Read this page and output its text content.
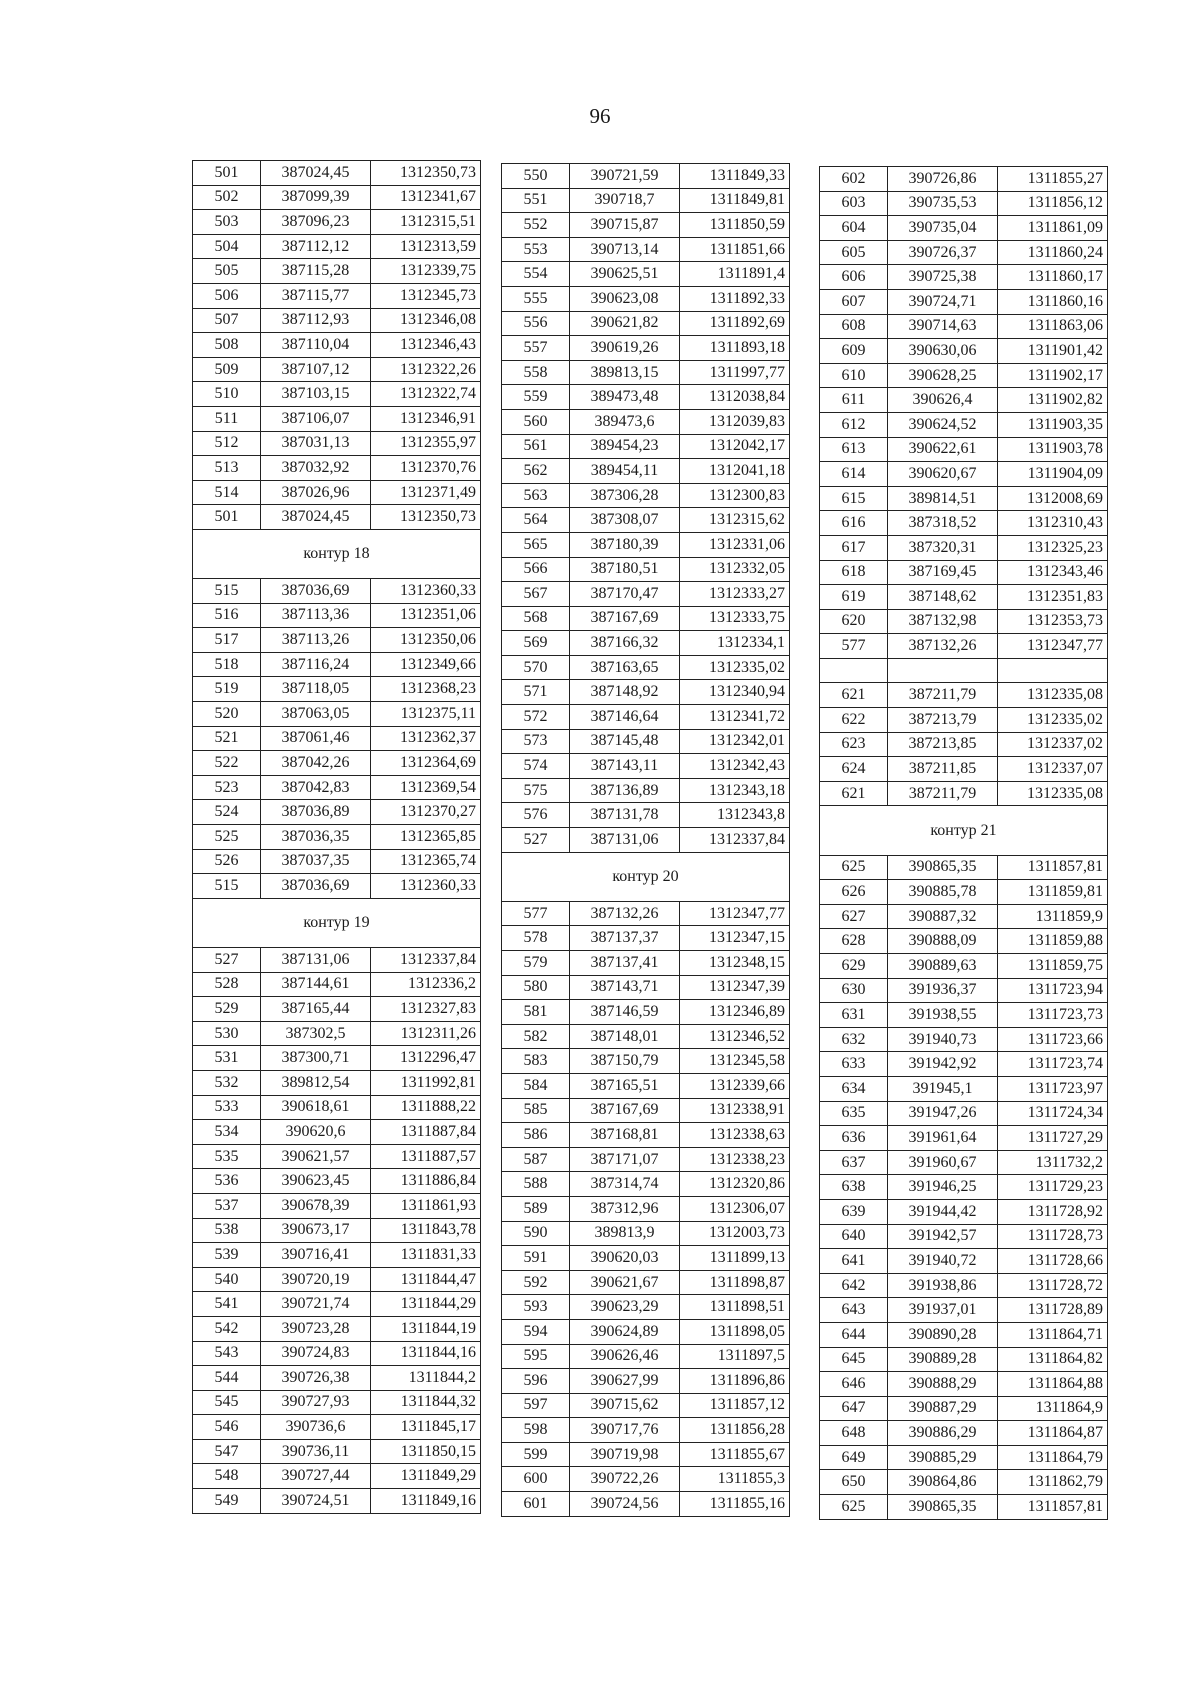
96
501	387024,45	1312350,73
502	387099,39	1312341,67
503	387096,23	1312315,51
504	387112,12	1312313,59
505	387115,28	1312339,75
506	387115,77	1312345,73
507	387112,93	1312346,08
508	387110,04	1312346,43
509	387107,12	1312322,26
510	387103,15	1312322,74
511	387106,07	1312346,91
512	387031,13	1312355,97
513	387032,92	1312370,76
514	387026,96	1312371,49
501	387024,45	1312350,73
контур 18		
515	387036,69	1312360,33
516	387113,36	1312351,06
517	387113,26	1312350,06
518	387116,24	1312349,66
519	387118,05	1312368,23
520	387063,05	1312375,11
521	387061,46	1312362,37
522	387042,26	1312364,69
523	387042,83	1312369,54
524	387036,89	1312370,27
525	387036,35	1312365,85
526	387037,35	1312365,74
515	387036,69	1312360,33
контур 19		
527	387131,06	1312337,84
528	387144,61	1312336,2
529	387165,44	1312327,83
530	387302,5	1312311,26
531	387300,71	1312296,47
532	389812,54	1311992,81
533	390618,61	1311888,22
534	390620,6	1311887,84
535	390621,57	1311887,57
536	390623,45	1311886,84
537	390678,39	1311861,93
538	390673,17	1311843,78
539	390716,41	1311831,33
540	390720,19	1311844,47
541	390721,74	1311844,29
542	390723,28	1311844,19
543	390724,83	1311844,16
544	390726,38	1311844,2
545	390727,93	1311844,32
546	390736,6	1311845,17
547	390736,11	1311850,15
548	390727,44	1311849,29
549	390724,51	1311849,16
550	390721,59	1311849,33
551	390718,7	1311849,81
552	390715,87	1311850,59
553	390713,14	1311851,66
554	390625,51	1311891,4
555	390623,08	1311892,33
556	390621,82	1311892,69
557	390619,26	1311893,18
558	389813,15	1311997,77
559	389473,48	1312038,84
560	389473,6	1312039,83
561	389454,23	1312042,17
562	389454,11	1312041,18
563	387306,28	1312300,83
564	387308,07	1312315,62
565	387180,39	1312331,06
566	387180,51	1312332,05
567	387170,47	1312333,27
568	387167,69	1312333,75
569	387166,32	1312334,1
570	387163,65	1312335,02
571	387148,92	1312340,94
572	387146,64	1312341,72
573	387145,48	1312342,01
574	387143,11	1312342,43
575	387136,89	1312343,18
576	387131,78	1312343,8
527	387131,06	1312337,84
контур 20		
577	387132,26	1312347,77
578	387137,37	1312347,15
579	387137,41	1312348,15
580	387143,71	1312347,39
581	387146,59	1312346,89
582	387148,01	1312346,52
583	387150,79	1312345,58
584	387165,51	1312339,66
585	387167,69	1312338,91
586	387168,81	1312338,63
587	387171,07	1312338,23
588	387314,74	1312320,86
589	387312,96	1312306,07
590	389813,9	1312003,73
591	390620,03	1311899,13
592	390621,67	1311898,87
593	390623,29	1311898,51
594	390624,89	1311898,05
595	390626,46	1311897,5
596	390627,99	1311896,86
597	390715,62	1311857,12
598	390717,76	1311856,28
599	390719,98	1311855,67
600	390722,26	1311855,3
601	390724,56	1311855,16
602	390726,86	1311855,27
603	390735,53	1311856,12
604	390735,04	1311861,09
605	390726,37	1311860,24
606	390725,38	1311860,17
607	390724,71	1311860,16
608	390714,63	1311863,06
609	390630,06	1311901,42
610	390628,25	1311902,17
611	390626,4	1311902,82
612	390624,52	1311903,35
613	390622,61	1311903,78
614	390620,67	1311904,09
615	389814,51	1312008,69
616	387318,52	1312310,43
617	387320,31	1312325,23
618	387169,45	1312343,46
619	387148,62	1312351,83
620	387132,98	1312353,73
577	387132,26	1312347,77

621	387211,79	1312335,08
622	387213,79	1312335,02
623	387213,85	1312337,02
624	387211,85	1312337,07
621	387211,79	1312335,08
контур 21		
625	390865,35	1311857,81
626	390885,78	1311859,81
627	390887,32	1311859,9
628	390888,09	1311859,88
629	390889,63	1311859,75
630	391936,37	1311723,94
631	391938,55	1311723,73
632	391940,73	1311723,66
633	391942,92	1311723,74
634	391945,1	1311723,97
635	391947,26	1311724,34
636	391961,64	1311727,29
637	391960,67	1311732,2
638	391946,25	1311729,23
639	391944,42	1311728,92
640	391942,57	1311728,73
641	391940,72	1311728,66
642	391938,86	1311728,72
643	391937,01	1311728,89
644	390890,28	1311864,71
645	390889,28	1311864,82
646	390888,29	1311864,88
647	390887,29	1311864,9
648	390886,29	1311864,87
649	390885,29	1311864,79
650	390864,86	1311862,79
625	390865,35	1311857,81
